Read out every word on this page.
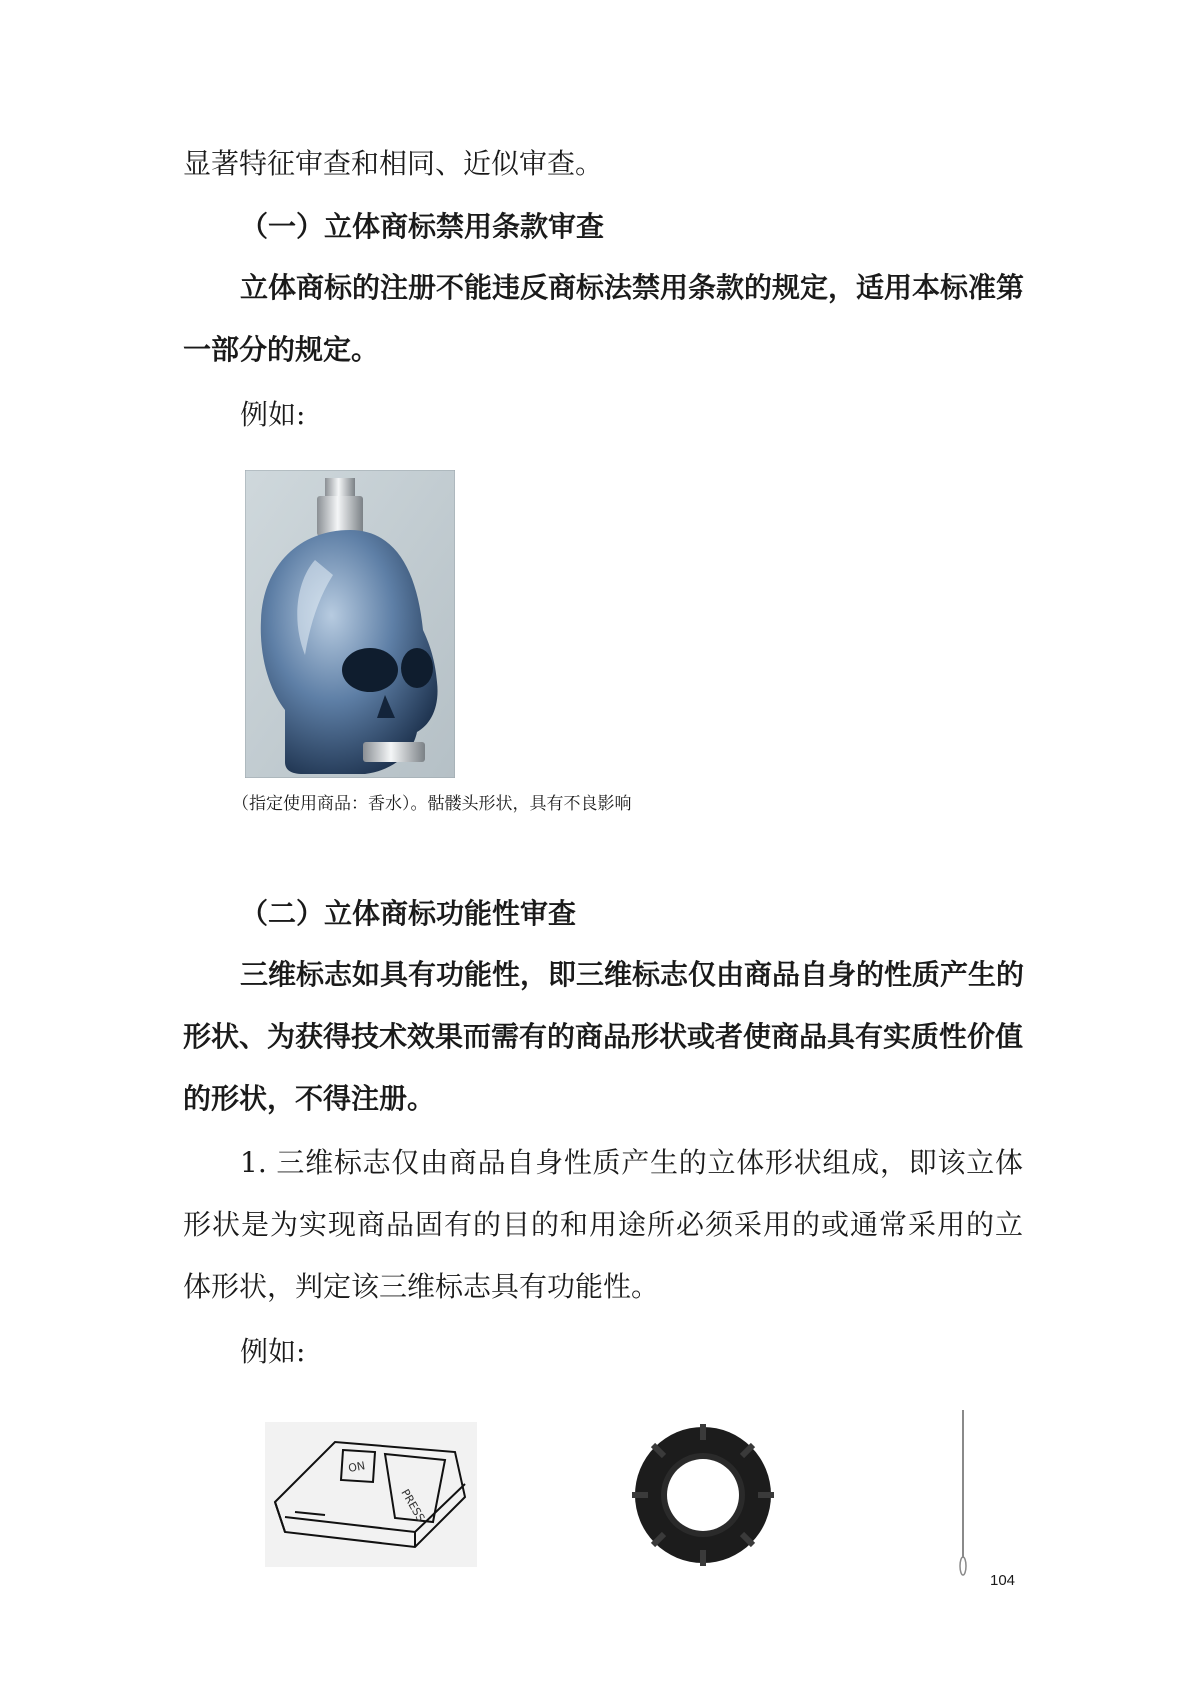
显著特征审查和相同、近似审查。
（一）立体商标禁用条款审查
立体商标的注册不能违反商标法禁用条款的规定，适用本标准第
一部分的规定。
例如:
（指定使用商品：香水）。骷髅头形状，具有不良影响
（二）立体商标功能性审查
三维标志如具有功能性，即三维标志仅由商品自身的性质产生的
形状、为获得技术效果而需有的商品形状或者使商品具有实质性价值
的形状，不得注册。
1. 三维标志仅由商品自身性质产生的立体形状组成，即该立体
形状是为实现商品固有的目的和用途所必须采用的或通常采用的立
体形状，判定该三维标志具有功能性。
例如:
ON
PRESS
104
